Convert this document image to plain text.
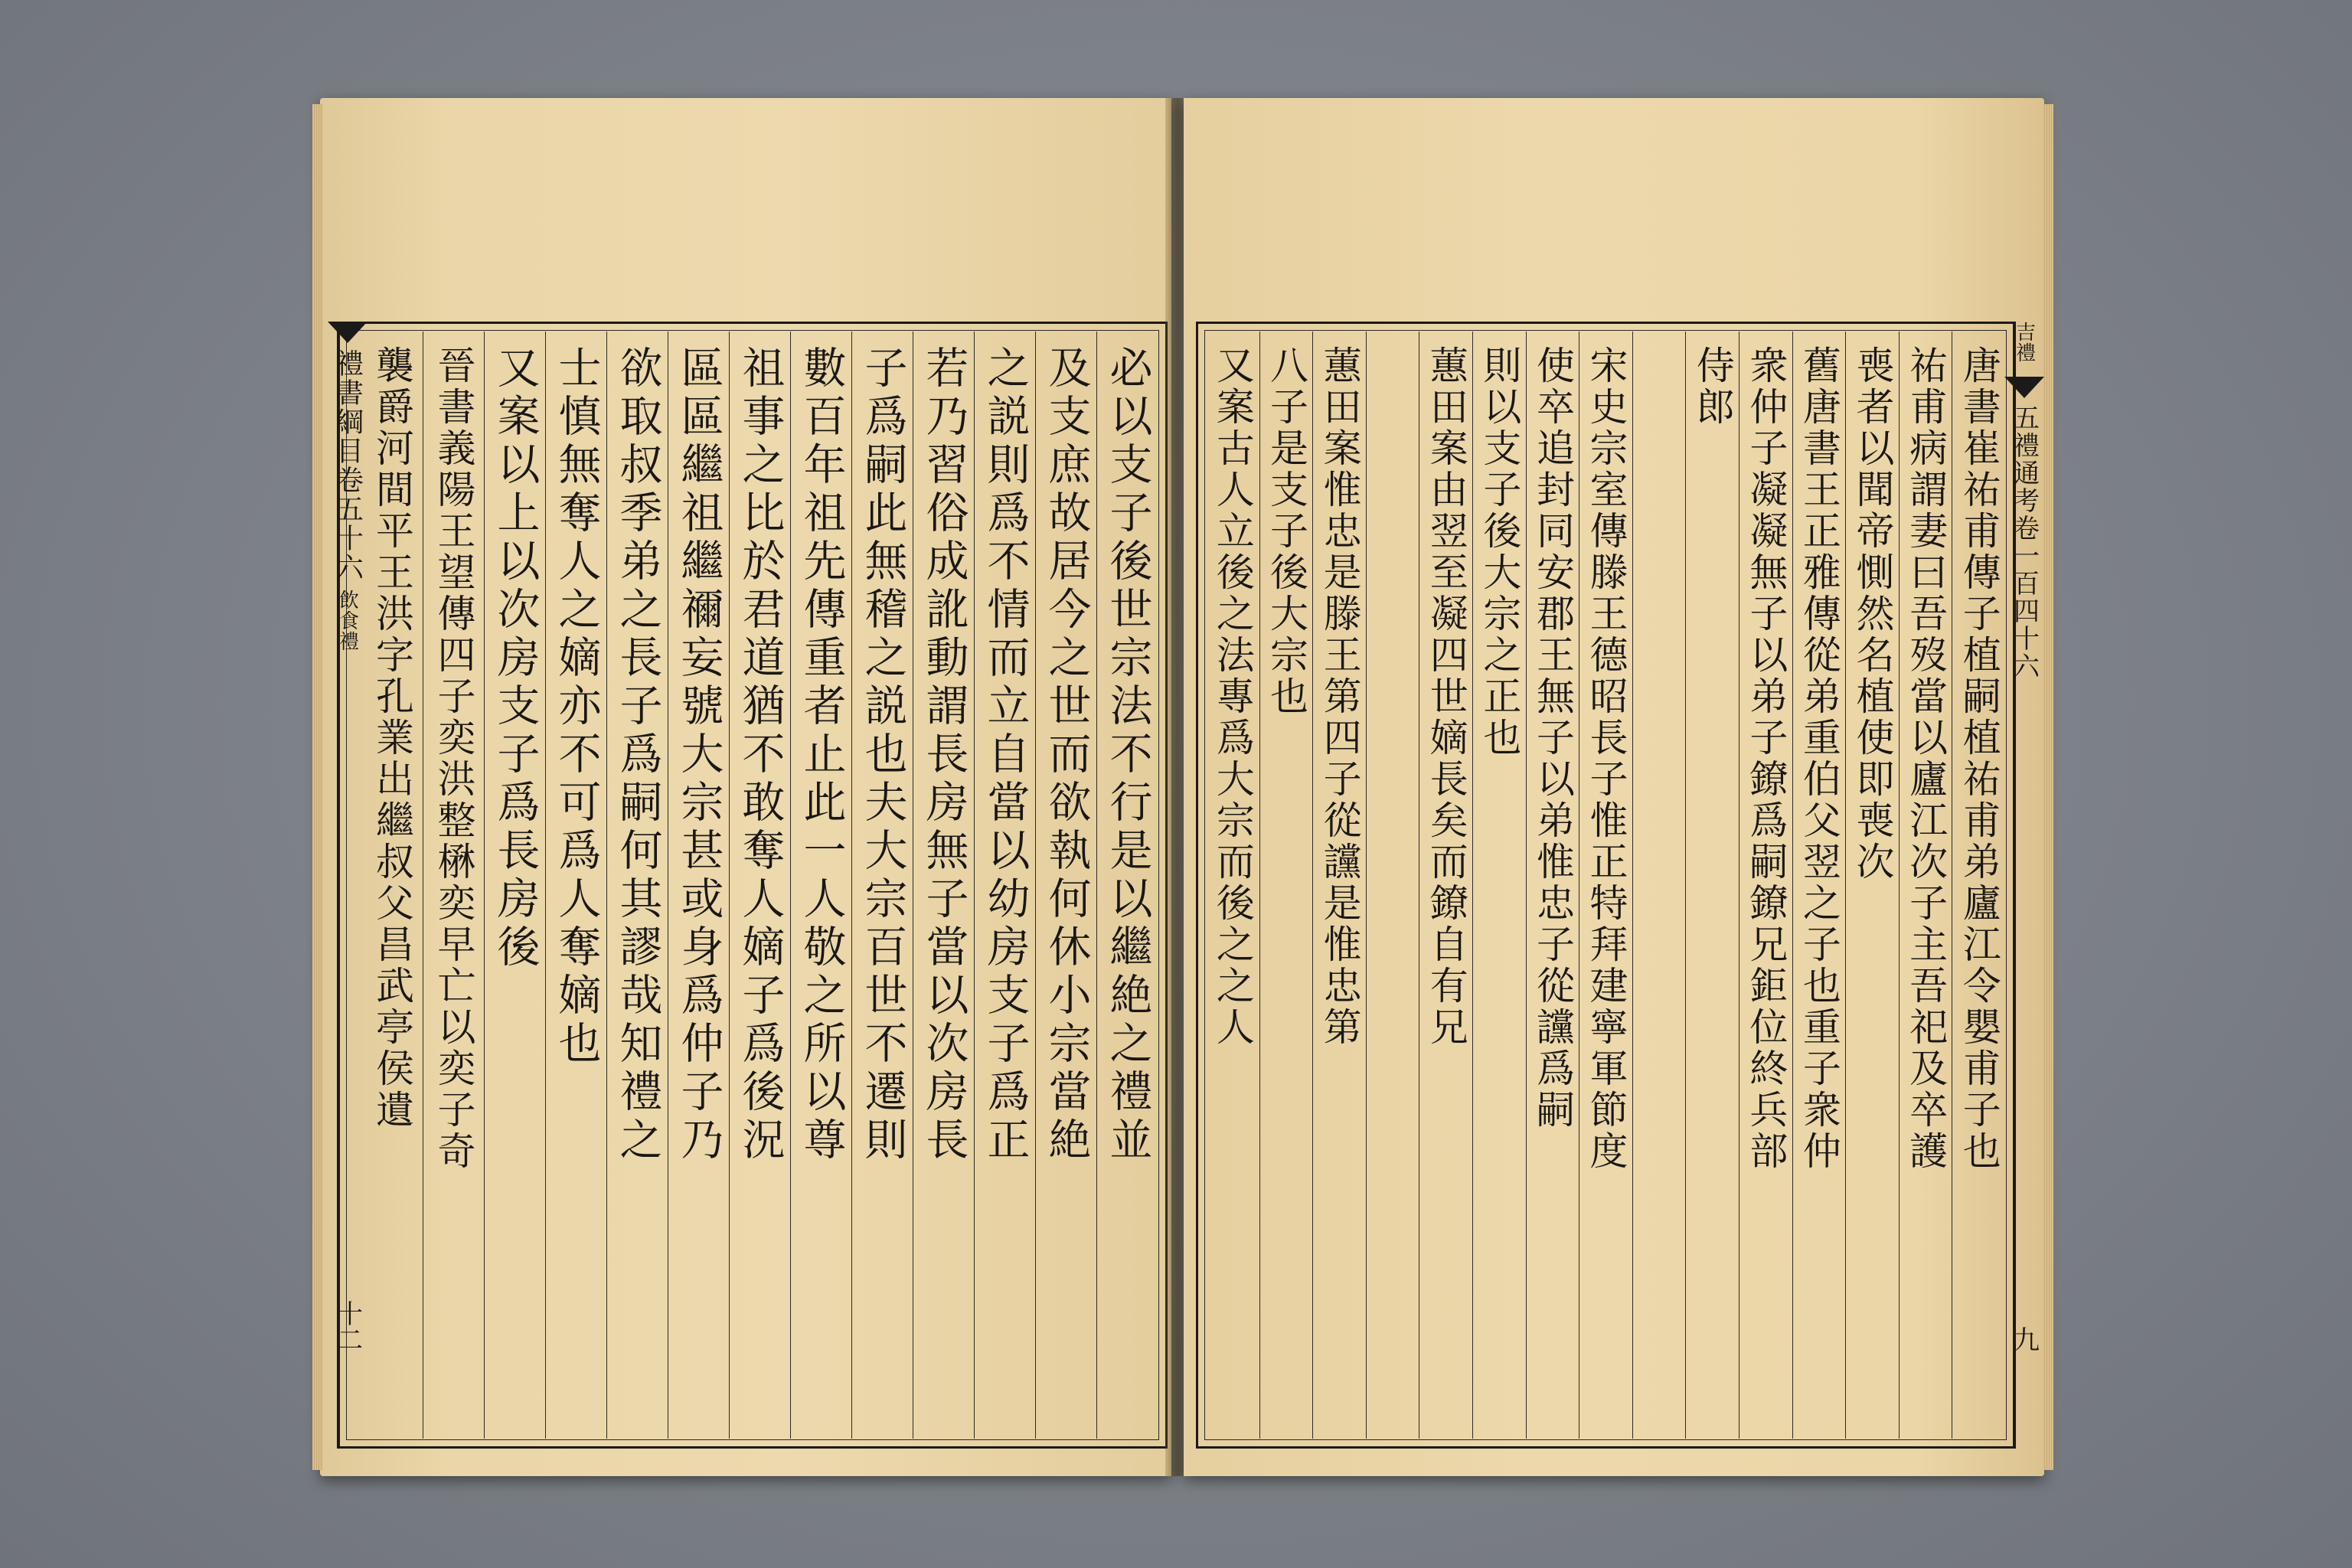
必以支子後世宗法不行是以繼絶之禮並
及支庶故居今之世而欲執何休小宗當絶
之説則爲不情而立自當以幼房支子爲正
若乃習俗成訛動謂長房無子當以次房長
子爲嗣此無稽之説也夫大宗百世不遷則
數百年祖先傳重者止此一人敬之所以尊
祖事之比於君道猶不敢奪人嫡子爲後況
區區繼祖繼禰妄號大宗甚或身爲仲子乃
欲取叔季弟之長子爲嗣何其謬哉知禮之
士慎無奪人之嫡亦不可爲人奪嫡也
又案以上以次房支子爲長房後
晉書義陽王望傳四子奕洪整楙奕早亡以奕子奇
襲爵河間平王洪字孔業出繼叔父昌武亭侯遺
禮書綱目卷五十六
飲食禮
十二
唐書崔祐甫傳子植嗣植祐甫弟廬江令嬰甫子也
祐甫病謂妻曰吾歿當以廬江次子主吾祀及卒護
喪者以聞帝惻然名植使即喪次
舊唐書王正雅傳從弟重伯父翌之子也重子衆仲
衆仲子凝凝無子以弟子鐐爲嗣鐐兄鉅位終兵部
侍郎
宋史宗室傳滕王德昭長子惟正特拜建寧軍節度
使卒追封同安郡王無子以弟惟忠子從讜爲嗣
則以支子後大宗之正也
蕙田案由翌至凝四世嫡長矣而鐐自有兄
蕙田案惟忠是滕王第四子從讜是惟忠第
八子是支子後大宗也
又案古人立後之法專爲大宗而後之之人
吉禮
五禮通考卷一百四十六
九
